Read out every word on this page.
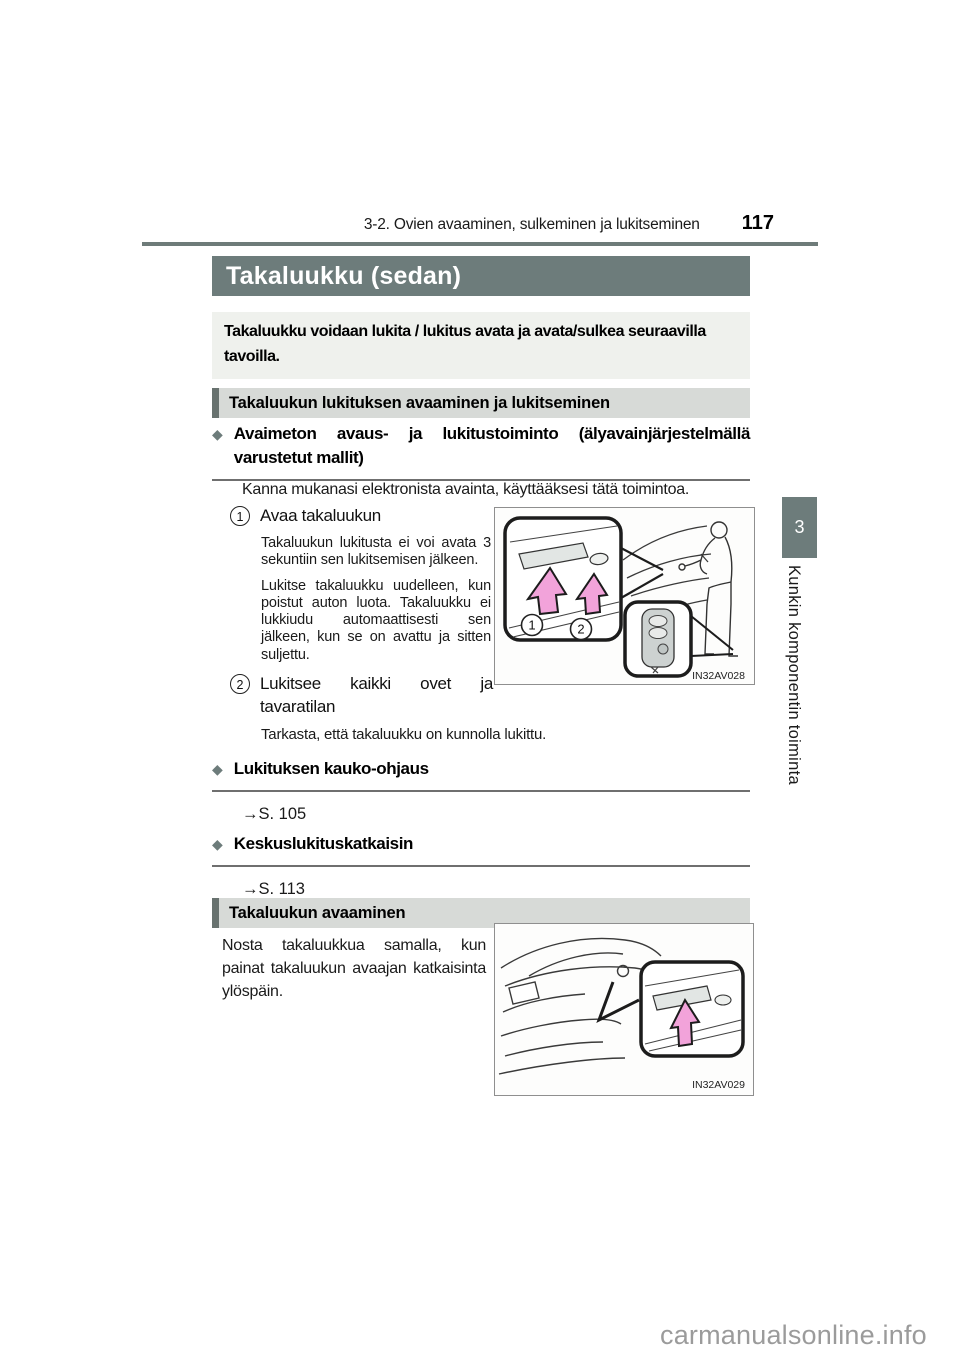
3-2. Ovien avaaminen, sulkeminen ja lukitseminen 117
Takaluukku (sedan)
Takaluukku voidaan lukita / lukitus avata ja avata/sulkea seuraavilla tavoilla.
Takaluukun lukituksen avaaminen ja lukitseminen
◆ Avaimeton avaus- ja lukitustoiminto (älyavainjärjestelmällä varustetut mallit)
Kanna mukanasi elektronista avainta, käyttääksesi tätä toimintoa.
1 Avaa takaluukun

Takaluukun lukitusta ei voi avata 3 sekuntiin sen lukitsemisen jälkeen.

Lukitse takaluukku uudelleen, kun poistut auton luota. Takaluukku ei lukkiudu automaattisesti sen jälkeen, kun se on avattu ja sitten suljettu.

2 Lukitsee kaikki ovet ja tavaratilan
Tarkasta, että takaluukku on kunnolla lukittu.
1	2
IN32AV028
◆ Lukituksen kauko-ohjaus
→S. 105
◆ Keskuslukituskatkaisin
→S. 113
Takaluukun avaaminen
Nosta takaluukkua samalla, kun painat takaluukun avaajan katkaisinta ylöspäin.
IN32AV029
3
Kunkin komponentin toiminta
carmanualsonline.info
